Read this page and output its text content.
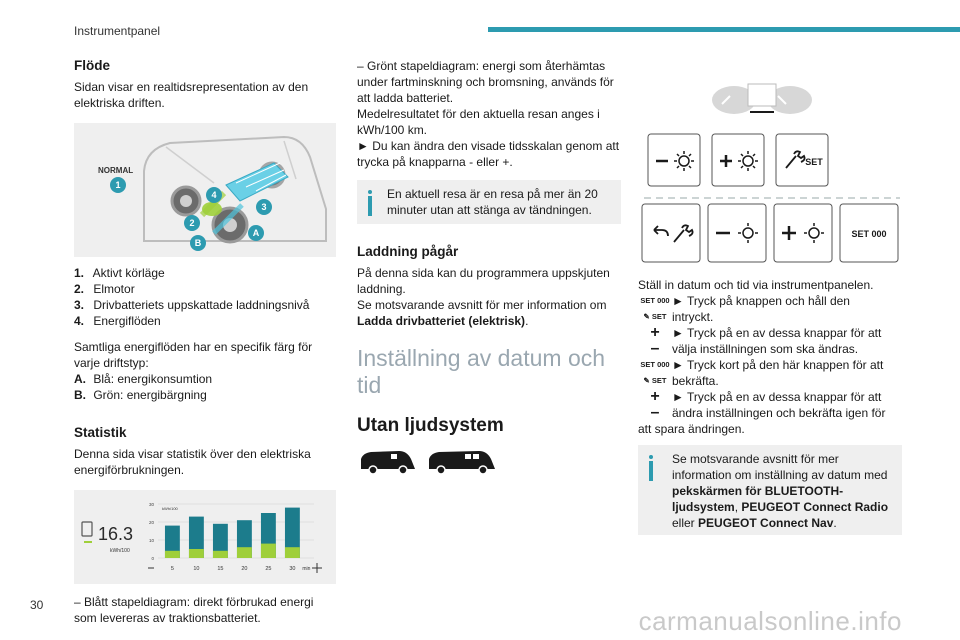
Instrumentpanel
30
carmanualsonline.info
Flöde
Sidan visar en realtidsrepresentation av den elektriska driften.
NORMAL
1
2
3
4
A
B
1. Aktivt körläge
2. Elmotor
3. Drivbatteriets uppskattade laddningsnivå
4. Energiflöden
Samtliga energiflöden har en specifik färg för varje driftstyp:
A. Blå: energikonsumtion
B. Grön: energibärgning
Statistik
Denna sida visar statistik över den elektriska energiförbrukningen.
16.3
kWh/100
0
10
20
30
kWh/100
5	10	15	20	25	30 min
– Blått stapeldiagram: direkt förbrukad energi som levereras av traktionsbatteriet.
– Grönt stapeldiagram: energi som återhämtas under fartminskning och bromsning, används för att ladda batteriet.
Medelresultatet för den aktuella resan anges i kWh/100 km.
► Du kan ändra den visade tidsskalan genom att trycka på knapparna - eller +.
En aktuell resa är en resa på mer än 20 minuter utan att stänga av tändningen.
Laddning pågår
På denna sida kan du programmera uppskjuten laddning.
Se motsvarande avsnitt för mer information om Ladda drivbatteriet (elektrisk).
Inställning av datum och tid
Utan ljudsystem
SET
SET 000
Ställ in datum och tid via instrumentpanelen.
SET 000 ► Tryck på knappen och håll den
✎ SET intryckt.
+	► Tryck på en av dessa knappar för att
–	välja inställningen som ska ändras.
SET 000 ► Tryck kort på den här knappen för att
✎ SET bekräfta.
+	► Tryck på en av dessa knappar för att
–	ändra inställningen och bekräfta igen för
att spara ändringen.
Se motsvarande avsnitt för mer information om inställning av datum med pekskärmen för BLUETOOTH-ljudsystem, PEUGEOT Connect Radio eller PEUGEOT Connect Nav.
